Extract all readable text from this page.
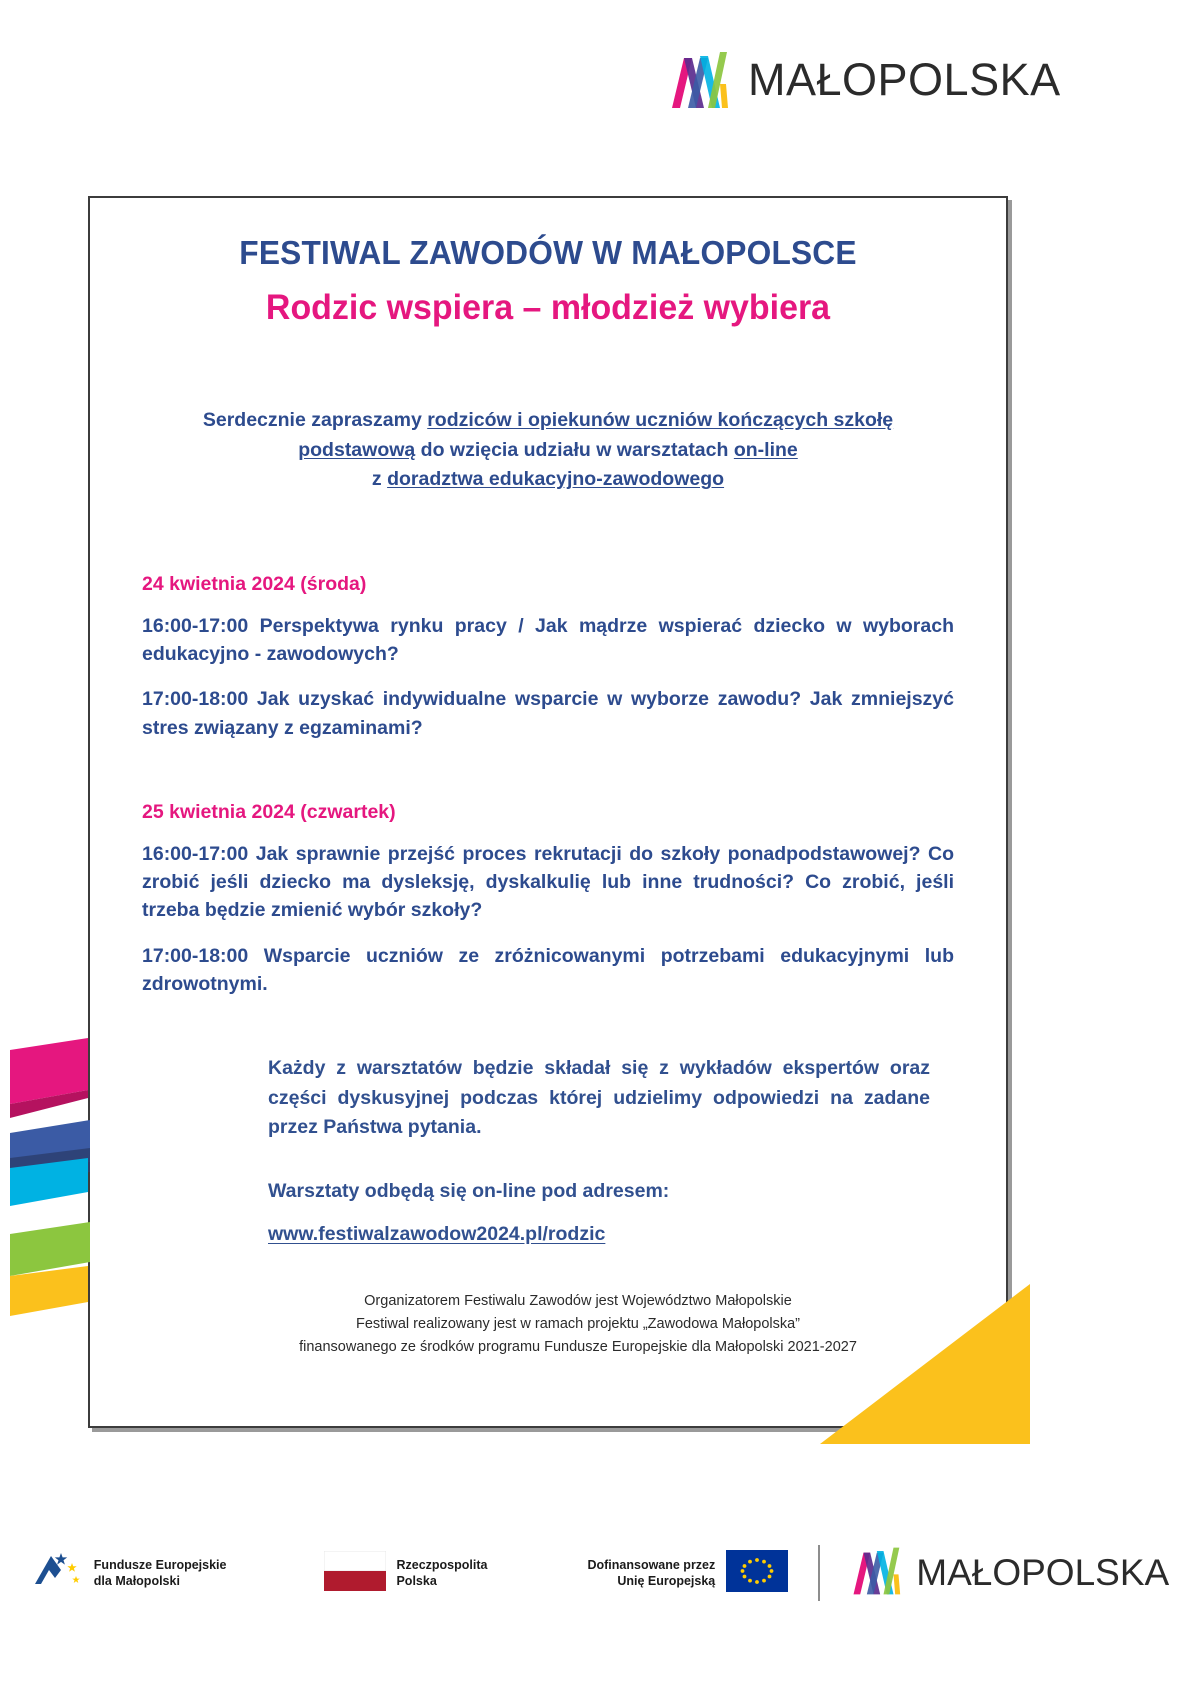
MAŁOPOLSKA
FESTIWAL ZAWODÓW W MAŁOPOLSCE
Rodzic wspiera – młodzież wybiera
Serdecznie zapraszamy rodziców i opiekunów uczniów kończących szkołę
podstawową do wzięcia udziału w warsztatach on-line
z doradztwa edukacyjno-zawodowego
24 kwietnia 2024 (środa)
16:00-17:00 Perspektywa rynku pracy / Jak mądrze wspierać dziecko w wyborach edukacyjno - zawodowych?
17:00-18:00 Jak uzyskać indywidualne wsparcie w wyborze zawodu? Jak zmniejszyć stres związany z egzaminami?
25 kwietnia 2024 (czwartek)
16:00-17:00 Jak sprawnie przejść proces rekrutacji do szkoły ponadpodstawowej? Co zrobić jeśli dziecko ma dysleksję, dyskalkulię lub inne trudności? Co zrobić, jeśli trzeba będzie zmienić wybór szkoły?
17:00-18:00 Wsparcie uczniów ze zróżnicowanymi potrzebami edukacyjnymi lub zdrowotnymi.
Każdy z warsztatów będzie składał się z wykładów ekspertów oraz części dyskusyjnej podczas której udzielimy odpowiedzi na zadane przez Państwa pytania.
Warsztaty odbędą się on-line pod adresem:
www.festiwalzawodow2024.pl/rodzic
Organizatorem Festiwalu Zawodów jest Województwo Małopolskie
Festiwal realizowany jest w ramach projektu „Zawodowa Małopolska”
finansowanego ze środków programu Fundusze Europejskie dla Małopolski 2021-2027
Fundusze Europejskie
dla Małopolski
Rzeczpospolita
Polska
Dofinansowane przez
Unię Europejską	MAŁOPOLSKA
